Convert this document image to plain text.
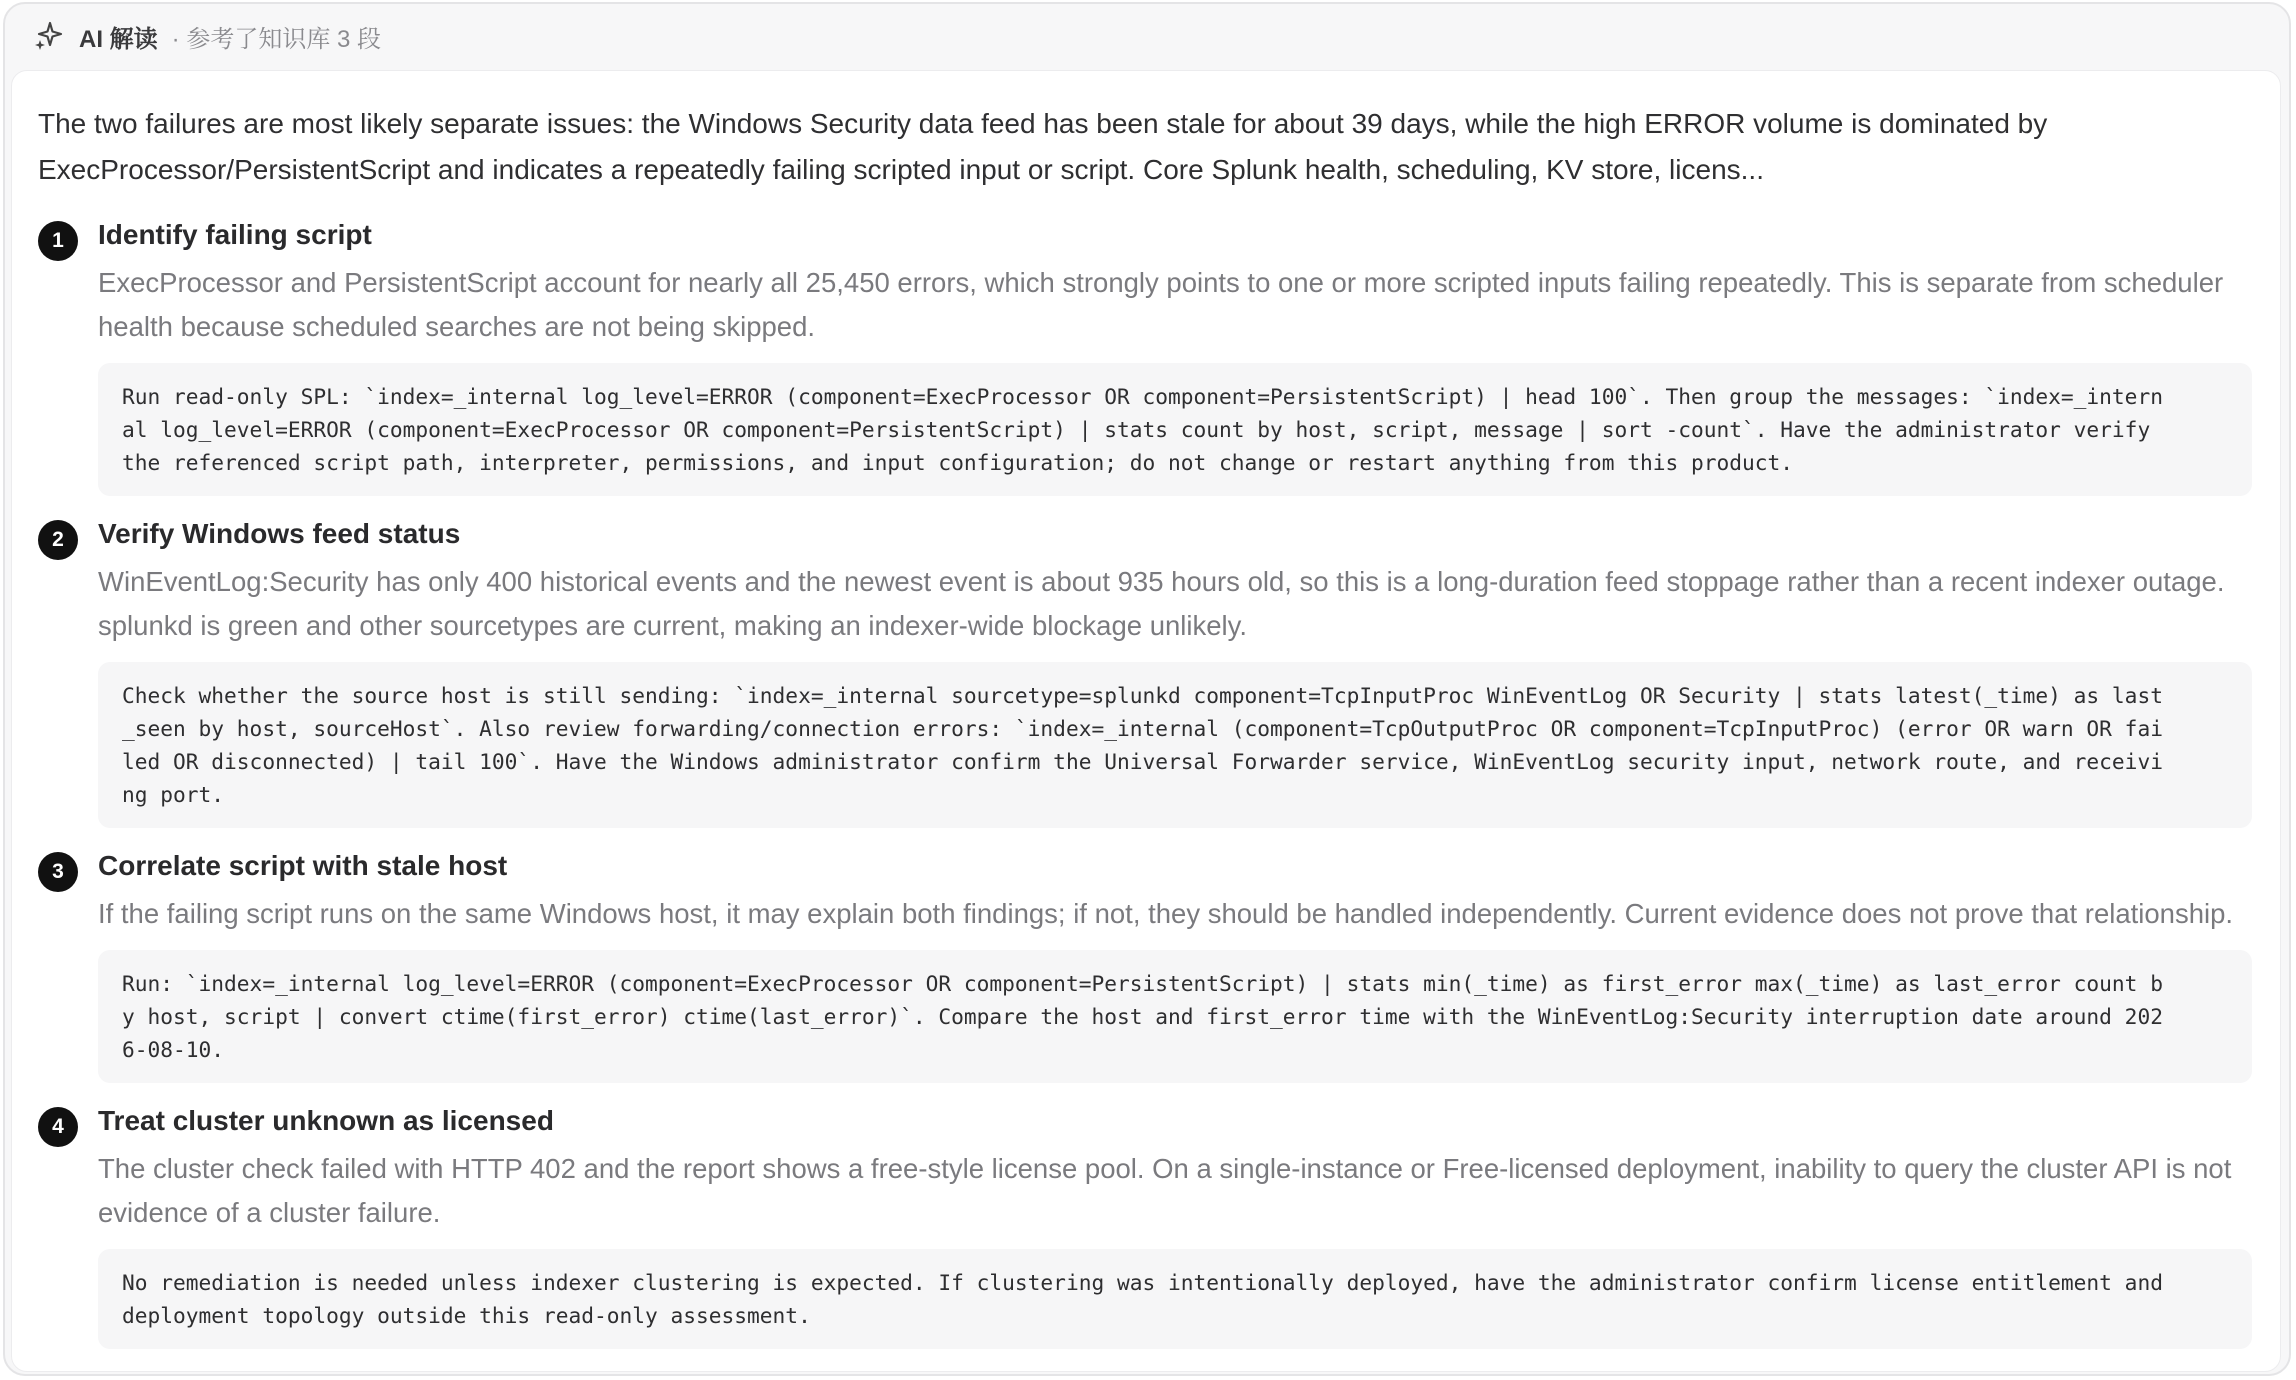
AI 解读 · 参考了知识库 3 段
The two failures are most likely separate issues: the Windows Security data feed has been stale for about 39 days, while the high ERROR volume is dominated by
ExecProcessor/PersistentScript and indicates a repeatedly failing scripted input or script. Core Splunk health, scheduling, KV store, licens...
1	Identify failing script
ExecProcessor and PersistentScript account for nearly all 25,450 errors, which strongly points to one or more scripted inputs failing repeatedly. This is separate from scheduler
health because scheduled searches are not being skipped.
Run read-only SPL: `index=_internal log_level=ERROR (component=ExecProcessor OR component=PersistentScript) | head 100`. Then group the messages: `index=_intern
al log_level=ERROR (component=ExecProcessor OR component=PersistentScript) | stats count by host, script, message | sort -count`. Have the administrator verify
the referenced script path, interpreter, permissions, and input configuration; do not change or restart anything from this product.
2	Verify Windows feed status
WinEventLog:Security has only 400 historical events and the newest event is about 935 hours old, so this is a long-duration feed stoppage rather than a recent indexer outage.
splunkd is green and other sourcetypes are current, making an indexer-wide blockage unlikely.
Check whether the source host is still sending: `index=_internal sourcetype=splunkd component=TcpInputProc WinEventLog OR Security | stats latest(_time) as last
_seen by host, sourceHost`. Also review forwarding/connection errors: `index=_internal (component=TcpOutputProc OR component=TcpInputProc) (error OR warn OR fai
led OR disconnected) | tail 100`. Have the Windows administrator confirm the Universal Forwarder service, WinEventLog security input, network route, and receivi
ng port.
3	Correlate script with stale host
If the failing script runs on the same Windows host, it may explain both findings; if not, they should be handled independently. Current evidence does not prove that relationship.
Run: `index=_internal log_level=ERROR (component=ExecProcessor OR component=PersistentScript) | stats min(_time) as first_error max(_time) as last_error count b
y host, script | convert ctime(first_error) ctime(last_error)`. Compare the host and first_error time with the WinEventLog:Security interruption date around 202
6-08-10.
4	Treat cluster unknown as licensed
The cluster check failed with HTTP 402 and the report shows a free-style license pool. On a single-instance or Free-licensed deployment, inability to query the cluster API is not
evidence of a cluster failure.
No remediation is needed unless indexer clustering is expected. If clustering was intentionally deployed, have the administrator confirm license entitlement and
deployment topology outside this read-only assessment.
